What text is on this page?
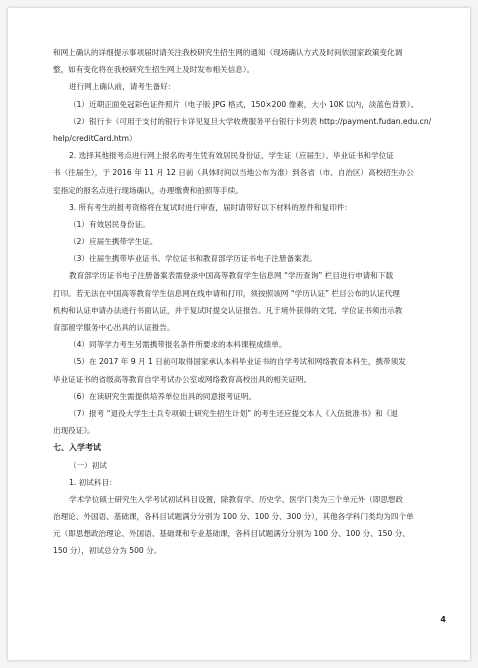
和网上确认的详细提示事项届时请关注我校研究生招生网的通知（现场确认方式及时间依国家政策变化调
整，如有变化将在我校研究生招生网上及时发布相关信息）。
进行网上确认前，请考生备好：
（1）近期正面免冠彩色证件照片（电子版 JPG 格式，150×200 像素，大小 10K 以内，淡蓝色背景）。
（2）银行卡（可用于支付的银行卡详见复旦大学收费服务平台银行卡列表 http://payment.fudan.edu.cn/
help/creditCard.htm）
2. 选择其他报考点进行网上报名的考生凭有效居民身份证、学生证（应届生）、毕业证书和学位证
书（往届生），于 2016 年 11 月 12 日前（具体时间以当地公布为准）到各省（市、自治区）高校招生办公
室指定的报名点进行现场确认，办理缴费和拍照等手续。
3. 所有考生的报考资格将在复试时进行审查，届时请带好以下材料的原件和复印件：
（1）有效居民身份证。
（2）应届生携带学生证。
（3）往届生携带毕业证书、学位证书和教育部学历证书电子注册备案表。
教育部学历证书电子注册备案表需登录中国高等教育学生信息网 “学历查询” 栏目进行申请和下载
打印。若无法在中国高等教育学生信息网在线申请和打印，须按照该网 “学历认证” 栏目公布的认证代理
机构和认证申请办法进行书面认证，并于复试时提交认证报告。凡于境外获得的文凭、学位证书须出示教
育部留学服务中心出具的认证报告。
（4）同等学力考生另需携带报名条件所要求的本科课程成绩单。
（5）在 2017 年 9 月 1 日前可取得国家承认本科毕业证书的自学考试和网络教育本科生，携带须发
毕业证证书的省级高等教育自学考试办公室或网络教育高校出具的相关证明。
（6）在读研究生需提供培养单位出具的同意报考证明。
（7）报考 “退役大学生士兵专项硕士研究生招生计划” 的考生还应提交本人《入伍批准书》和《退
出现役证》。
七、入学考试
（一）初试
1. 初试科目：
学术学位硕士研究生入学考试初试科目设置，除教育学、历史学、医学门类为三个单元外（即思想政
治理论、外国语、基础课，各科目试题满分分别为 100 分、100 分、300 分），其他各学科门类均为四个单
元（即思想政治理论、外国语、基础课和专业基础课，各科目试题满分分别为 100 分、100 分、150 分、
150 分），初试总分为 500 分。
4
